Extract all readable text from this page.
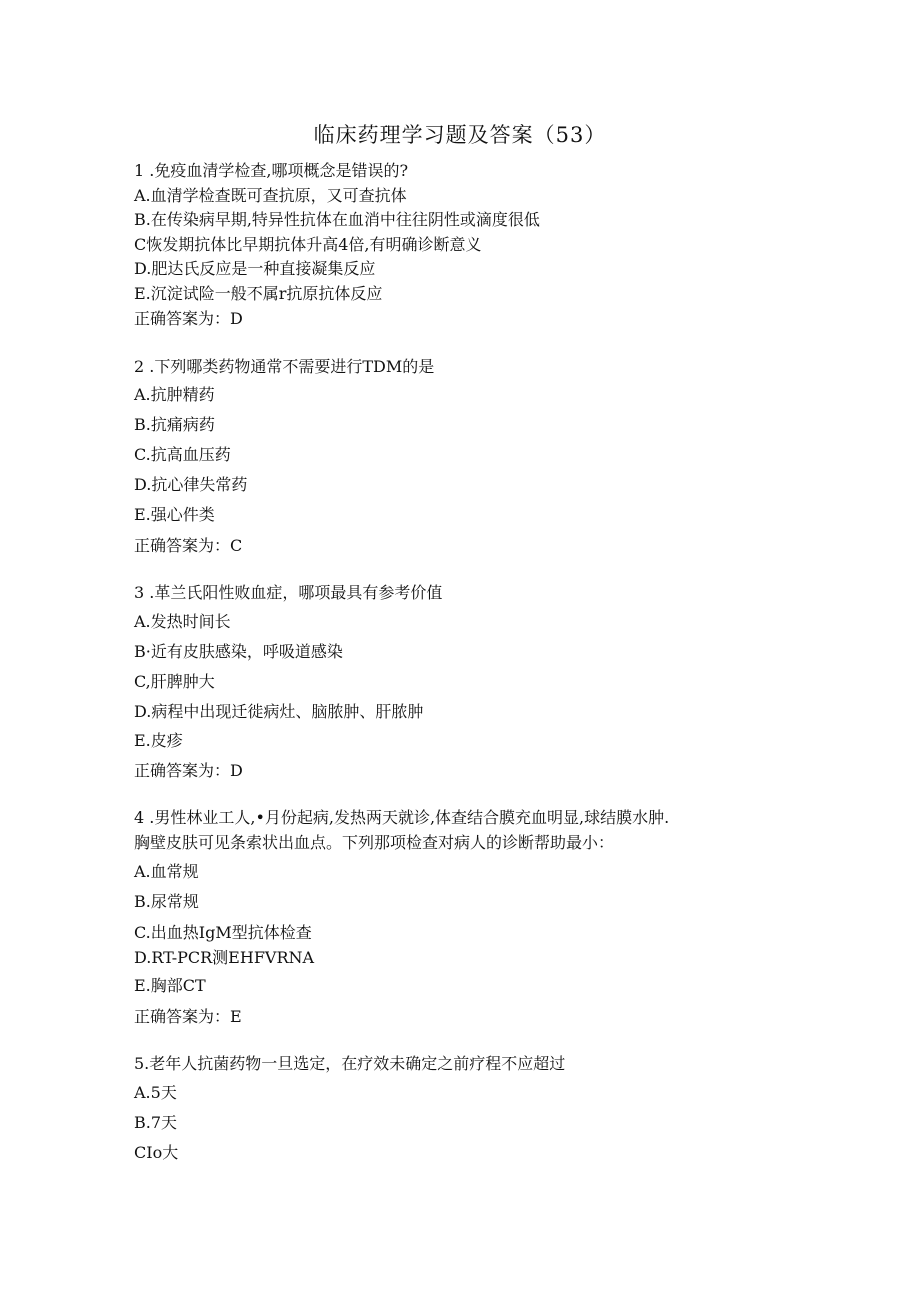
临床药理学习题及答案（53）
1 .免疫血清学检查,哪项概念是错误的?
A.血清学检查既可查抗原，又可查抗体
B.在传染病早期,特异性抗体在血消中往往阴性或滴度很低
C恢发期抗体比早期抗体升高4倍,有明确诊断意义
D.肥达氏反应是一种直接凝集反应
E.沉淀试险一般不属r抗原抗体反应
正确答案为：D
2 .下列哪类药物通常不需要进行TDM的是
A.抗肿精药
B.抗痛病药
C.抗高血压药
D.抗心律失常药
E.强心件类
正确答案为：C
3 .革兰氏阳性败血症，哪项最具有参考价值
A.发热时间长
B·近有皮肤感染，呼吸道感染
C,肝脾肿大
D.病程中出现迁徙病灶、脑脓肿、肝脓肿
E.皮疹
正确答案为：D
4 .男性林业工人,•月份起病,发热两天就诊,体查结合膜充血明显,球结膜水肿.
胸壁皮肤可见条索状出血点。下列那项检查对病人的诊断帮助最小：
A.血常规
B.尿常规
C.出血热IgM型抗体检查
D.RT-PCR测EHFVRNA
E.胸部CT
正确答案为：E
5.老年人抗菌药物一旦选定，在疗效未确定之前疗程不应超过
A.5天
B.7天
CIo大
